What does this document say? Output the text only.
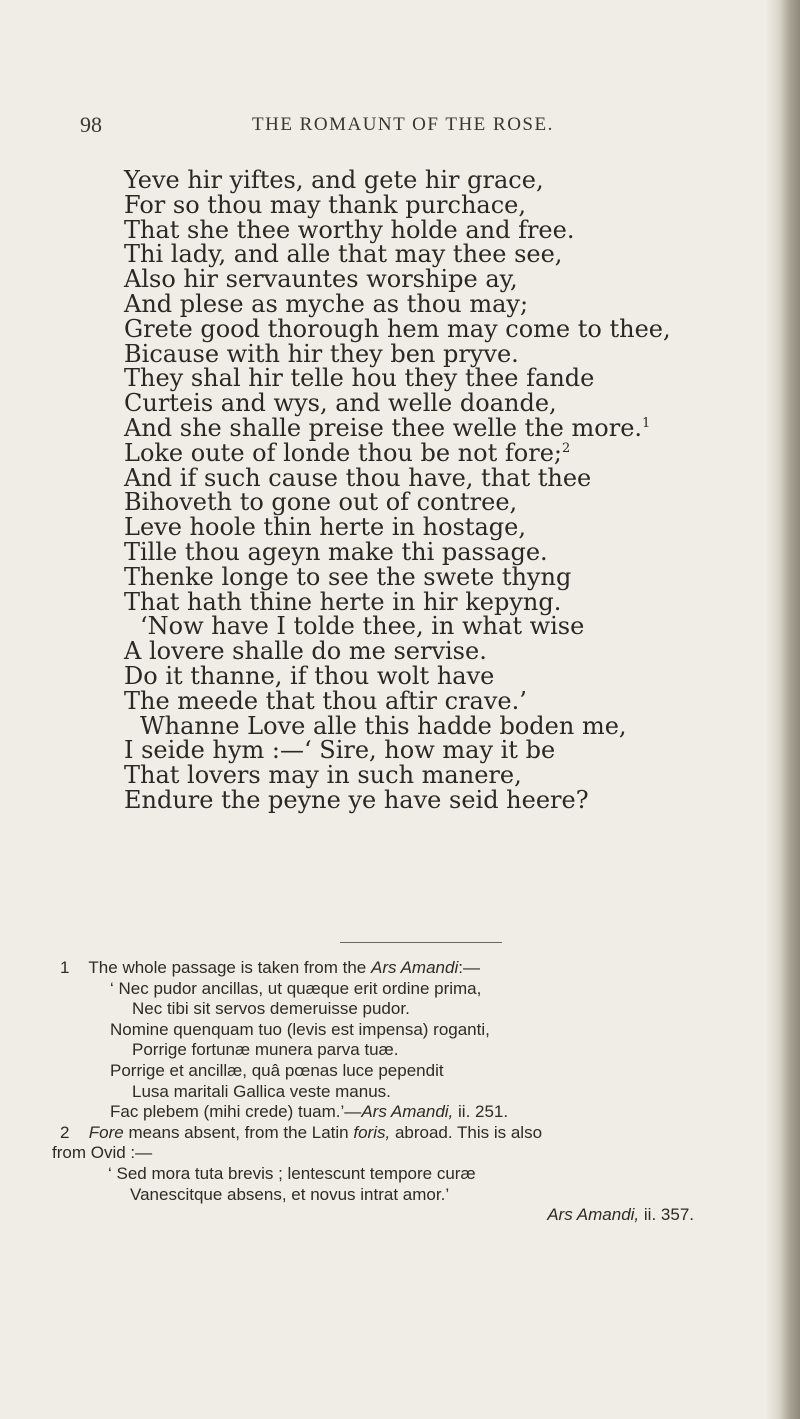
98	THE ROMAUNT OF THE ROSE.
Yeve hir yiftes, and gete hir grace,
For so thou may thank purchace,
That she thee worthy holde and free.
Thi lady, and alle that may thee see,
Also hir servauntes worshipe ay,
And plese as myche as thou may;
Grete good thorough hem may come to thee,
Bicause with hir they ben pryve.
They shal hir telle hou they thee fande
Curteis and wys, and welle doande,
And she shalle preise thee welle the more.$^1$
Loke oute of londe thou be not fore;$^2$
And if such cause thou have, that thee
Bihoveth to gone out of contree,
Leve hoole thin herte in hostage,
Tille thou ageyn make thi passage.
Thenke longe to see the swete thyng
That hath thine herte in hir kepyng.
‘Now have I tolde thee, in what wise
A lovere shalle do me servise.
Do it thanne, if thou wolt have
The meede that thou aftir crave.’
Whanne Love alle this hadde boden me,
I seide hym :—‘ Sire, how may it be
That lovers may in such manere,
Endure the peyne ye have seid heere?
1 The whole passage is taken from the Ars Amandi:—
‘ Nec pudor ancillas, ut quæque erit ordine prima,
Nec tibi sit servos demeruisse pudor.
Nomine quenquam tuo (levis est impensa) roganti,
Porrige fortunæ munera parva tuæ.
Porrige et ancillæ, quâ pœnas luce pependit
Lusa maritali Gallica veste manus.
Fac plebem (mihi crede) tuam.’—Ars Amandi, ii. 251.
2 Fore means absent, from the Latin foris, abroad. This is also
from Ovid :—
‘ Sed mora tuta brevis ; lentescunt tempore curæ
Vanescitque absens, et novus intrat amor.’
Ars Amandi, ii. 357.
